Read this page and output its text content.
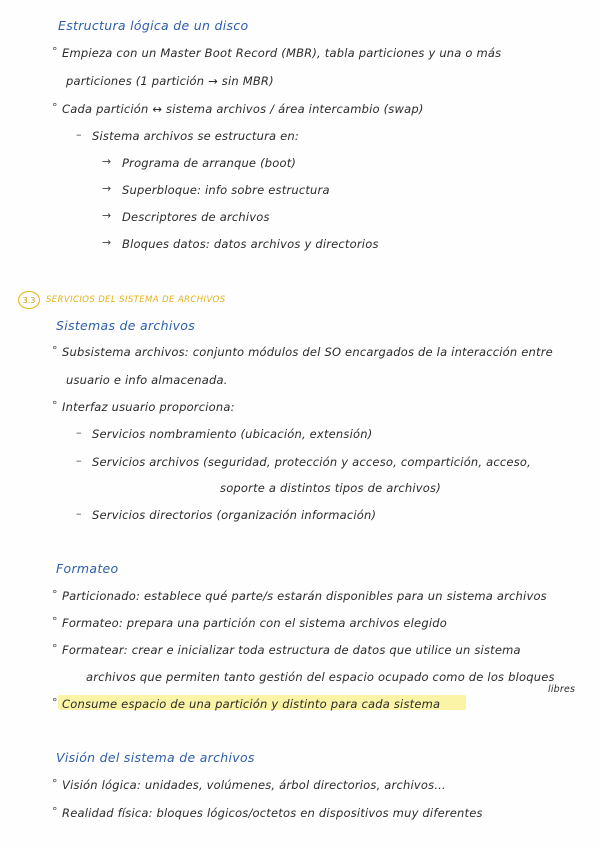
Estructura lógica de un disco
° Empieza con un Master Boot Record (MBR), tabla particiones y una o más
particiones (1 partición → sin MBR)
° Cada partición ↔ sistema archivos / área intercambio (swap)
– Sistema archivos se estructura en:
→ Programa de arranque (boot)
→ Superbloque: info sobre estructura
→ Descriptores de archivos
→ Bloques datos: datos archivos y directorios
3.3	SERVICIOS DEL SISTEMA DE ARCHIVOS
Sistemas de archivos
° Subsistema archivos: conjunto módulos del SO encargados de la interacción entre
usuario e info almacenada.
° Interfaz usuario proporciona:
– Servicios nombramiento (ubicación, extensión)
– Servicios archivos (seguridad, protección y acceso, compartición, acceso,
soporte a distintos tipos de archivos)
– Servicios directorios (organización información)
Formateo
° Particionado: establece qué parte/s estarán disponibles para un sistema archivos
° Formateo: prepara una partición con el sistema archivos elegido
° Formatear: crear e inicializar toda estructura de datos que utilice un sistema
archivos que permiten tanto gestión del espacio ocupado como de los bloques
libres
° Consume espacio de una partición y distinto para cada sistema
Visión del sistema de archivos
° Visión lógica: unidades, volúmenes, árbol directorios, archivos...
° Realidad física: bloques lógicos/octetos en dispositivos muy diferentes
